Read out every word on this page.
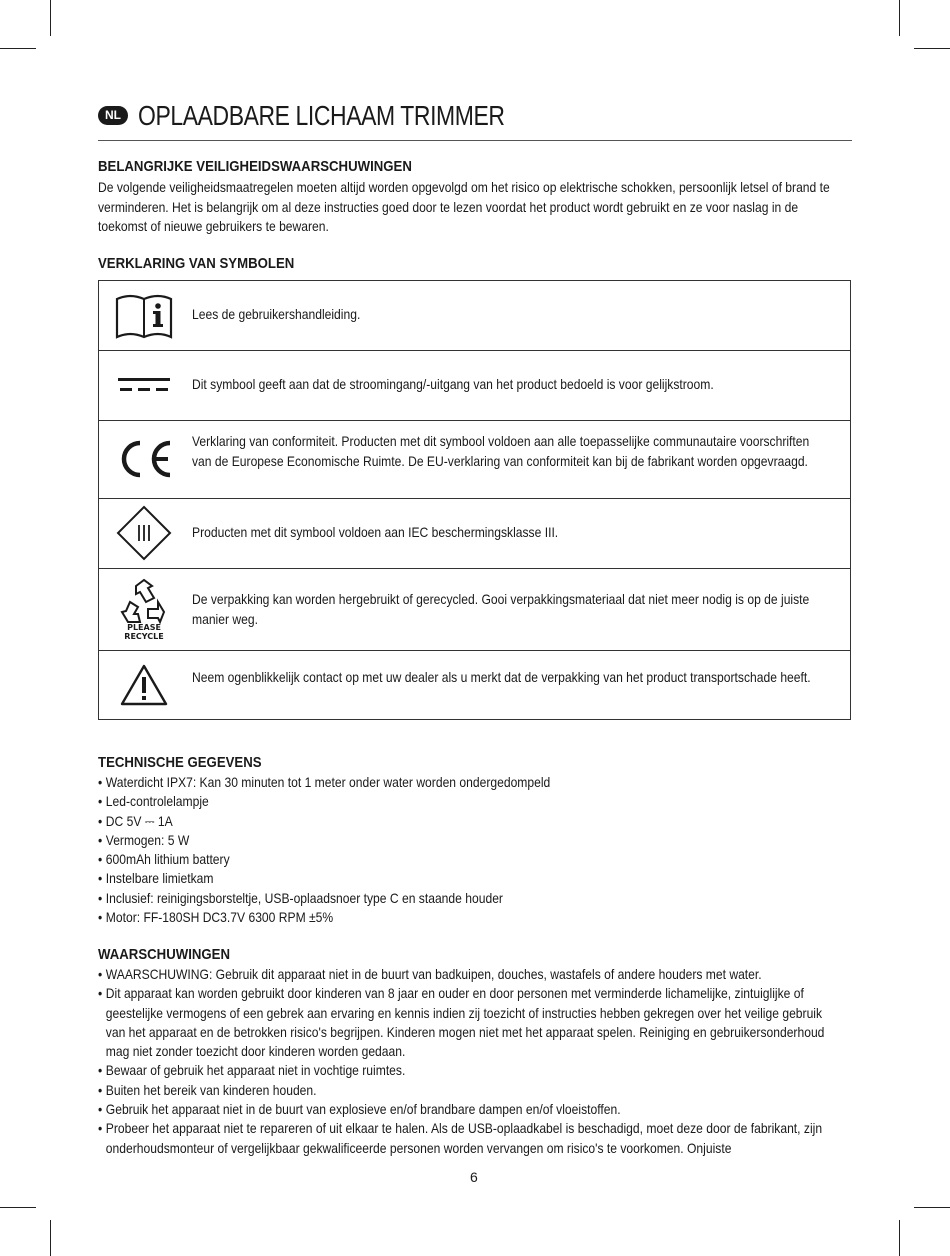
NL OPLAADBARE LICHAAM TRIMMER
BELANGRIJKE VEILIGHEIDSWAARSCHUWINGEN
De volgende veiligheidsmaatregelen moeten altijd worden opgevolgd om het risico op elektrische schokken, persoonlijk letsel of brand te verminderen. Het is belangrijk om al deze instructies goed door te lezen voordat het product wordt gebruikt en ze voor naslag in de toekomst of nieuwe gebruikers te bewaren.
VERKLARING VAN SYMBOLEN
Lees de gebruikershandleiding.
Dit symbool geeft aan dat de stroomingang/-uitgang van het product bedoeld is voor gelijkstroom.
Verklaring van conformiteit. Producten met dit symbool voldoen aan alle toepasselijke communautaire voorschriften van de Europese Economische Ruimte. De EU-verklaring van conformiteit kan bij de fabrikant worden opgevraagd.
Producten met dit symbool voldoen aan IEC beschermingsklasse III.
PLEASE
RECYCLE
De verpakking kan worden hergebruikt of gerecycled. Gooi verpakkingsmateriaal dat niet meer nodig is op de juiste manier weg.
Neem ogenblikkelijk contact op met uw dealer als u merkt dat de verpakking van het product transportschade heeft.
TECHNISCHE GEGEVENS
• Waterdicht IPX7: Kan 30 minuten tot 1 meter onder water worden ondergedompeld
• Led-controlelampje
• DC 5V ⎓ 1A
• Vermogen: 5 W
• 600mAh lithium battery
• Instelbare limietkam
• Inclusief: reinigingsborsteltje, USB-oplaadsnoer type C en staande houder
• Motor: FF-180SH DC3.7V 6300 RPM ±5%
WAARSCHUWINGEN
• WAARSCHUWING: Gebruik dit apparaat niet in de buurt van badkuipen, douches, wastafels of andere houders met water.
• Dit apparaat kan worden gebruikt door kinderen van 8 jaar en ouder en door personen met verminderde lichamelijke, zintuiglijke of geestelijke vermogens of een gebrek aan ervaring en kennis indien zij toezicht of instructies hebben gekregen over het veilige gebruik van het apparaat en de betrokken risico's begrijpen. Kinderen mogen niet met het apparaat spelen. Reiniging en gebruikersonderhoud mag niet zonder toezicht door kinderen worden gedaan.
• Bewaar of gebruik het apparaat niet in vochtige ruimtes.
• Buiten het bereik van kinderen houden.
• Gebruik het apparaat niet in de buurt van explosieve en/of brandbare dampen en/of vloeistoffen.
• Probeer het apparaat niet te repareren of uit elkaar te halen. Als de USB-oplaadkabel is beschadigd, moet deze door de fabrikant, zijn onderhoudsmonteur of vergelijkbaar gekwalificeerde personen worden vervangen om risico's te voorkomen. Onjuiste
6
